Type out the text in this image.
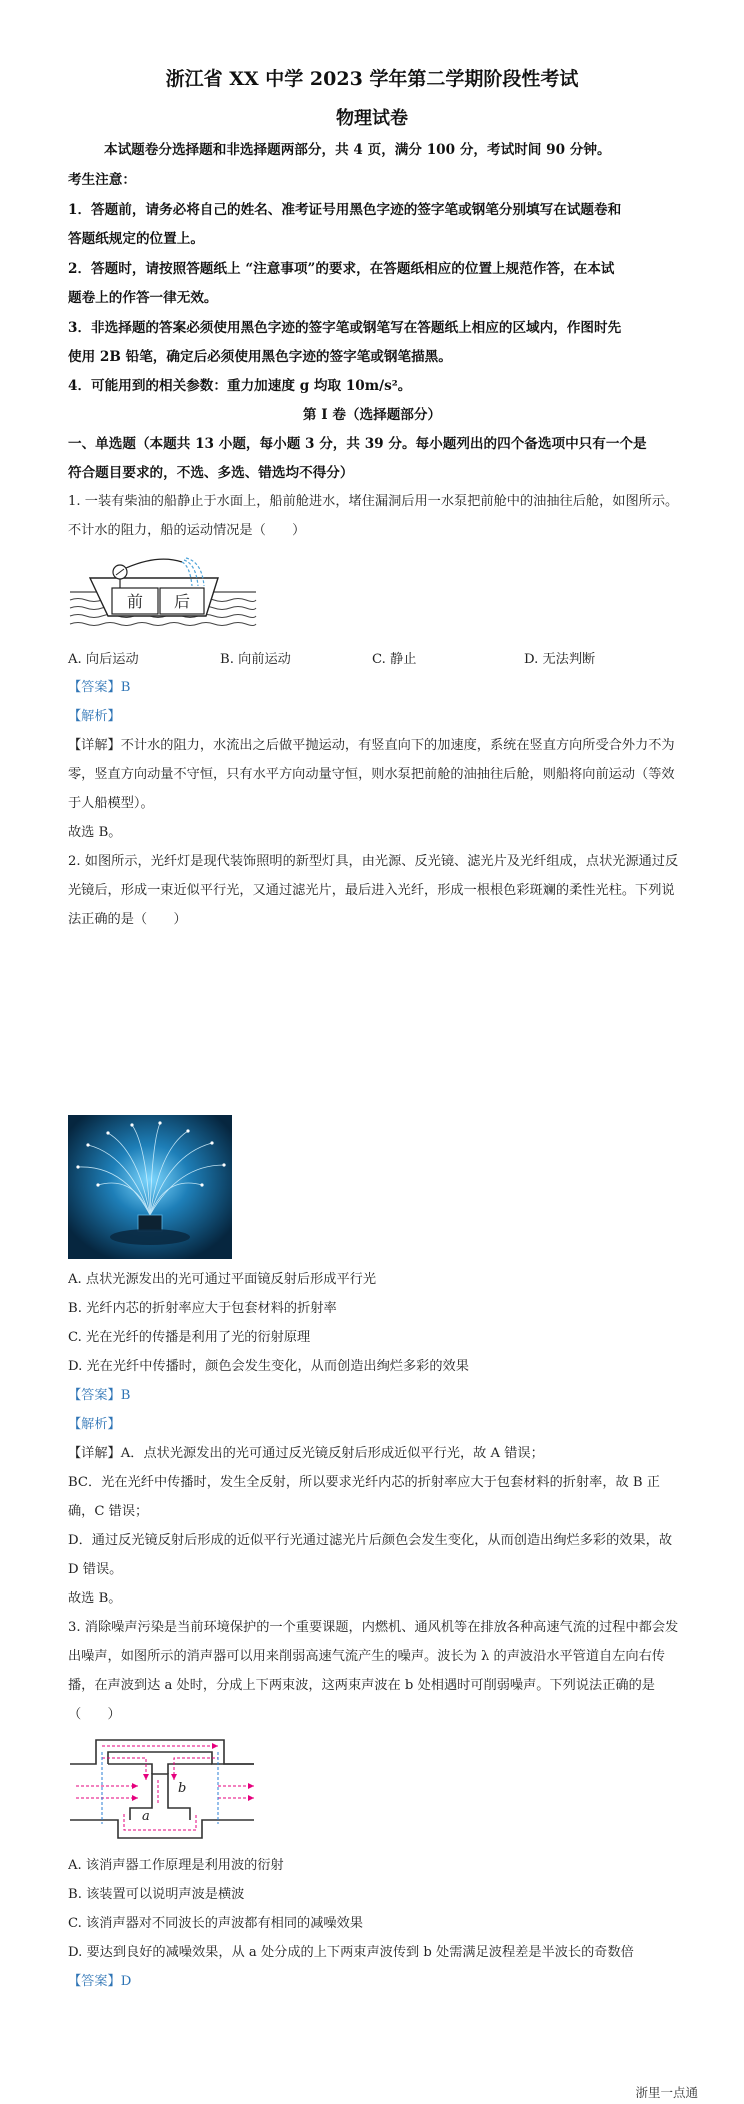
浙江省 XX 中学 2023 学年第二学期阶段性考试
物理试卷
本试题卷分选择题和非选择题两部分，共 4 页，满分 100 分，考试时间 90 分钟。
考生注意：
1．答题前，请务必将自己的姓名、准考证号用黑色字迹的签字笔或钢笔分别填写在试题卷和
答题纸规定的位置上。
2．答题时，请按照答题纸上 “注意事项”的要求，在答题纸相应的位置上规范作答，在本试
题卷上的作答一律无效。
3．非选择题的答案必须使用黑色字迹的签字笔或钢笔写在答题纸上相应的区域内，作图时先
使用 2B 铅笔，确定后必须使用黑色字迹的签字笔或钢笔描黑。
4．可能用到的相关参数：重力加速度 g 均取 10m/s²。
第 I 卷（选择题部分）
一、单选题（本题共 13 小题，每小题 3 分，共 39 分。每小题列出的四个备选项中只有一个是
符合题目要求的，不选、多选、错选均不得分）
1. 一装有柴油的船静止于水面上，船前舱进水，堵住漏洞后用一水泵把前舱中的油抽往后舱，如图所示。
不计水的阻力，船的运动情况是（　　）
前 后
A. 向后运动	B. 向前运动	C. 静止	D. 无法判断
【答案】B
【解析】
【详解】不计水的阻力，水流出之后做平抛运动，有竖直向下的加速度，系统在竖直方向所受合外力不为
零，竖直方向动量不守恒，只有水平方向动量守恒，则水泵把前舱的油抽往后舱，则船将向前运动（等效
于人船模型）。
故选 B。
2. 如图所示，光纤灯是现代装饰照明的新型灯具，由光源、反光镜、滤光片及光纤组成，点状光源通过反
光镜后，形成一束近似平行光，又通过滤光片，最后进入光纤，形成一根根色彩斑斓的柔性光柱。下列说
法正确的是（　　）
A. 点状光源发出的光可通过平面镜反射后形成平行光
B. 光纤内芯的折射率应大于包套材料的折射率
C. 光在光纤的传播是利用了光的衍射原理
D. 光在光纤中传播时，颜色会发生变化，从而创造出绚烂多彩的效果
【答案】B
【解析】
【详解】A．点状光源发出的光可通过反光镜反射后形成近似平行光，故 A 错误；
BC．光在光纤中传播时，发生全反射，所以要求光纤内芯的折射率应大于包套材料的折射率，故 B 正
确，C 错误；
D．通过反光镜反射后形成的近似平行光通过滤光片后颜色会发生变化，从而创造出绚烂多彩的效果，故
D 错误。
故选 B。
3. 消除噪声污染是当前环境保护的一个重要课题，内燃机、通风机等在排放各种高速气流的过程中都会发
出噪声，如图所示的消声器可以用来削弱高速气流产生的噪声。波长为 λ 的声波沿水平管道自左向右传
播，在声波到达 a 处时，分成上下两束波，这两束声波在 b 处相遇时可削弱噪声。下列说法正确的是
（　　）
a
b
A. 该消声器工作原理是利用波的衍射
B. 该装置可以说明声波是横波
C. 该消声器对不同波长的声波都有相同的减噪效果
D. 要达到良好的减噪效果，从 a 处分成的上下两束声波传到 b 处需满足波程差是半波长的奇数倍
【答案】D
浙里一点通
